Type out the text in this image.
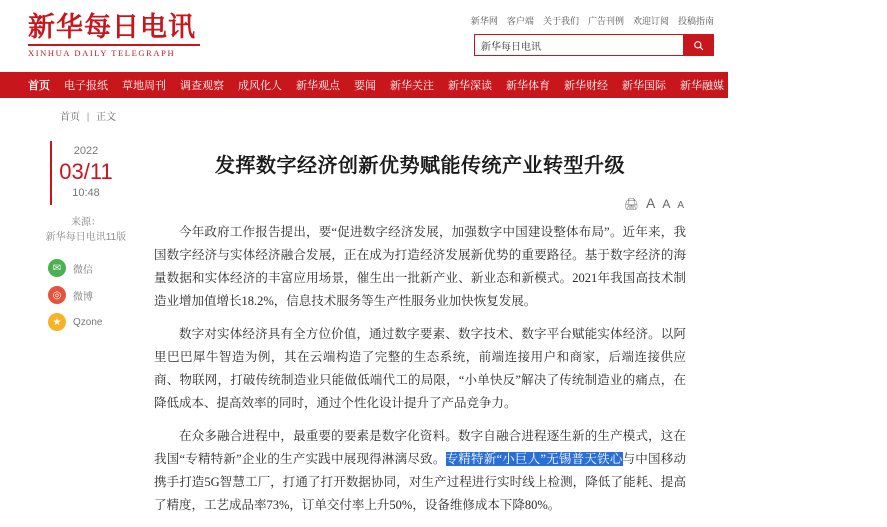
新华每日电讯
XINHUA DAILY TELEGRAPH
新华网 客户端 关于我们 广告刊例 欢迎订阅 投稿指南
新华每日电讯
首页 电子报纸 草地周刊 调查观察 成风化人 新华观点 要闻 新华关注 新华深读 新华体育 新华财经 新华国际 新华融媒 精彩专题 医卫健康 看天下
首页 | 正文
2022
03/11
10:48
来源：
新华每日电讯11版
✉	微信
◎	微博
★	Qzone
发挥数字经济创新优势赋能传统产业转型升级
🖨 A A A

今年政府工作报告提出，要“促进数字经济发展，加强数字中国建设整体布局”。近年来，我国数字经济与实体经济融合发展，正在成为打造经济发展新优势的重要路径。基于数字经济的海量数据和实体经济的丰富应用场景，催生出一批新产业、新业态和新模式。2021年我国高技术制造业增加值增长18.2%，信息技术服务等生产性服务业加快恢复发展。

数字对实体经济具有全方位价值，通过数字要素、数字技术、数字平台赋能实体经济。以阿里巴巴犀牛智造为例，其在云端构造了完整的生态系统，前端连接用户和商家，后端连接供应商、物联网，打破传统制造业只能做低端代工的局限，“小单快反”解决了传统制造业的痛点，在降低成本、提高效率的同时，通过个性化设计提升了产品竞争力。

在众多融合进程中，最重要的要素是数字化资料。数字自融合进程逐生新的生产模式，这在我国“专精特新”企业的生产实践中展现得淋漓尽致。专精特新“小巨人”无锡普天铁心与中国移动携手打造5G智慧工厂，打通了打开数据协同，对生产过程进行实时线上检测，降低了能耗、提高了精度，工艺成品率73%，订单交付率上升50%，设备维修成本下降80%。
